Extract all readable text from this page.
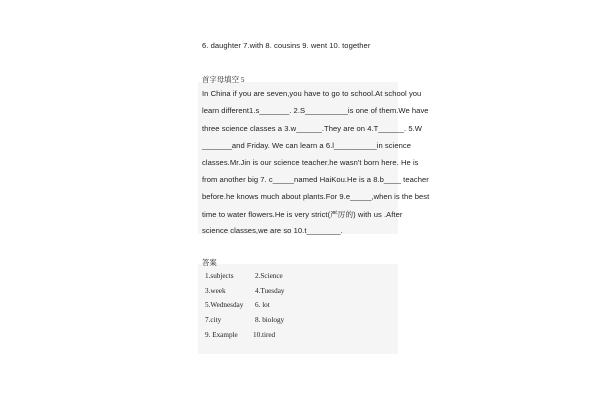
6. daughter 7.with 8. cousins 9. went 10. together
首字母填空 5
In China if you are seven,you have to go to school.At school you
learn different1.s_______. 2.S__________is one of them.We have
three science classes a 3.w______.They are on 4.T______. 5.W
_______and Friday. We can learn a 6.l__________in science
classes.Mr.Jin is our science teacher.he wasn't born here. He is
from another big 7. c_____named HaiKou.He is a 8.b____ teacher
before.he knows much about plants.For 9.e_____,when is the best
time to water flowers.He is very strict(严厉的) with us .After
science classes,we are so 10.t________.
答案
1.subjects	2.Science
3.week	4.Tuesday
5.Wednesday 6. lot
7.city	8. biology
9. Example 10.tired
